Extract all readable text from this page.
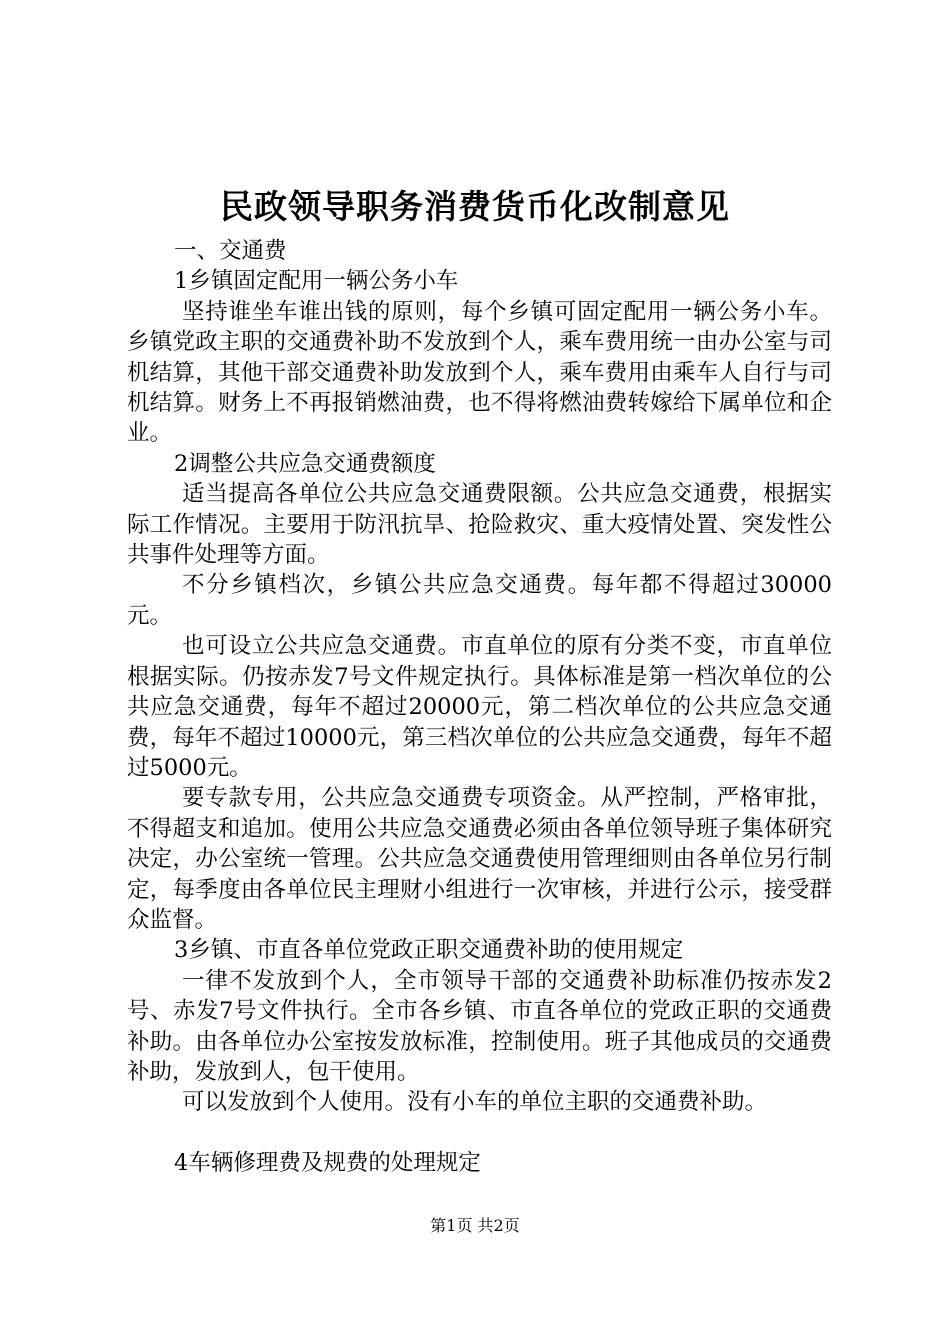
民政领导职务消费货币化改制意见

一、交通费

1乡镇固定配用一辆公务小车

坚持谁坐车谁出钱的原则，每个乡镇可固定配用一辆公务小车。乡镇党政主职的交通费补助不发放到个人，乘车费用统一由办公室与司机结算，其他干部交通费补助发放到个人，乘车费用由乘车人自行与司机结算。财务上不再报销燃油费，也不得将燃油费转嫁给下属单位和企业。

2调整公共应急交通费额度

适当提高各单位公共应急交通费限额。公共应急交通费，根据实际工作情况。主要用于防汛抗旱、抢险救灾、重大疫情处置、突发性公共事件处理等方面。

不分乡镇档次，乡镇公共应急交通费。每年都不得超过30000元。

也可设立公共应急交通费。市直单位的原有分类不变，市直单位根据实际。仍按赤发7号文件规定执行。具体标准是第一档次单位的公共应急交通费，每年不超过20000元，第二档次单位的公共应急交通费，每年不超过10000元，第三档次单位的公共应急交通费，每年不超过5000元。

要专款专用，公共应急交通费专项资金。从严控制，严格审批，不得超支和追加。使用公共应急交通费必须由各单位领导班子集体研究决定，办公室统一管理。公共应急交通费使用管理细则由各单位另行制定，每季度由各单位民主理财小组进行一次审核，并进行公示，接受群众监督。

3乡镇、市直各单位党政正职交通费补助的使用规定

一律不发放到个人，全市领导干部的交通费补助标准仍按赤发2号、赤发7号文件执行。全市各乡镇、市直各单位的党政正职的交通费补助。由各单位办公室按发放标准，控制使用。班子其他成员的交通费补助，发放到人，包干使用。

可以发放到个人使用。没有小车的单位主职的交通费补助。

4车辆修理费及规费的处理规定

第1页 共2页
